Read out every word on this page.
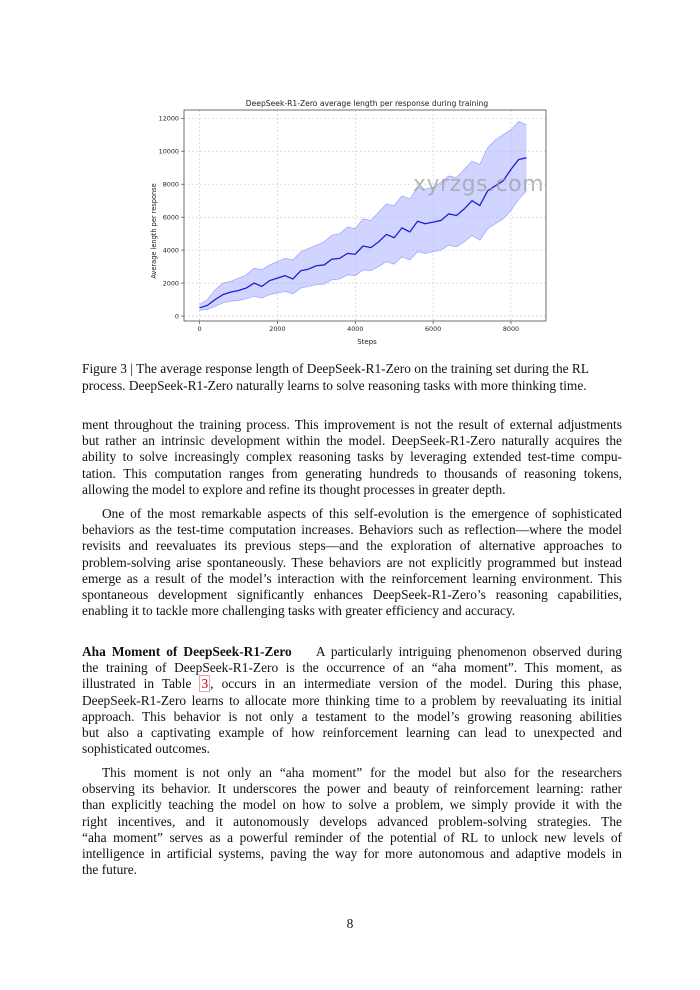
DeepSeek-R1-Zero average length per response during training
0	2000	4000	6000	8000
0
2000
4000
6000
8000
10000
12000
Steps
Average length per response	xyrzgs.com
Figure 3 | The average response length of DeepSeek-R1-Zero on the training set during the RL
process. DeepSeek-R1-Zero naturally learns to solve reasoning tasks with more thinking time.
ment throughout the training process. This improvement is not the result of external adjustments
but rather an intrinsic development within the model. DeepSeek-R1-Zero naturally acquires the
ability to solve increasingly complex reasoning tasks by leveraging extended test-time compu-
tation. This computation ranges from generating hundreds to thousands of reasoning tokens,
allowing the model to explore and refine its thought processes in greater depth.
One of the most remarkable aspects of this self-evolution is the emergence of sophisticated
behaviors as the test-time computation increases. Behaviors such as reflection—where the model
revisits and reevaluates its previous steps—and the exploration of alternative approaches to
problem-solving arise spontaneously. These behaviors are not explicitly programmed but instead
emerge as a result of the model’s interaction with the reinforcement learning environment. This
spontaneous development significantly enhances DeepSeek-R1-Zero’s reasoning capabilities,
enabling it to tackle more challenging tasks with greater efficiency and accuracy.
Aha Moment of DeepSeek-R1-Zero A particularly intriguing phenomenon observed during
the training of DeepSeek-R1-Zero is the occurrence of an “aha moment”. This moment, as
illustrated in Table 3 , occurs in an intermediate version of the model. During this phase,
DeepSeek-R1-Zero learns to allocate more thinking time to a problem by reevaluating its initial
approach. This behavior is not only a testament to the model’s growing reasoning abilities
but also a captivating example of how reinforcement learning can lead to unexpected and
sophisticated outcomes.
This moment is not only an “aha moment” for the model but also for the researchers
observing its behavior. It underscores the power and beauty of reinforcement learning: rather
than explicitly teaching the model on how to solve a problem, we simply provide it with the
right incentives, and it autonomously develops advanced problem-solving strategies. The
“aha moment” serves as a powerful reminder of the potential of RL to unlock new levels of
intelligence in artificial systems, paving the way for more autonomous and adaptive models in
the future.
8
